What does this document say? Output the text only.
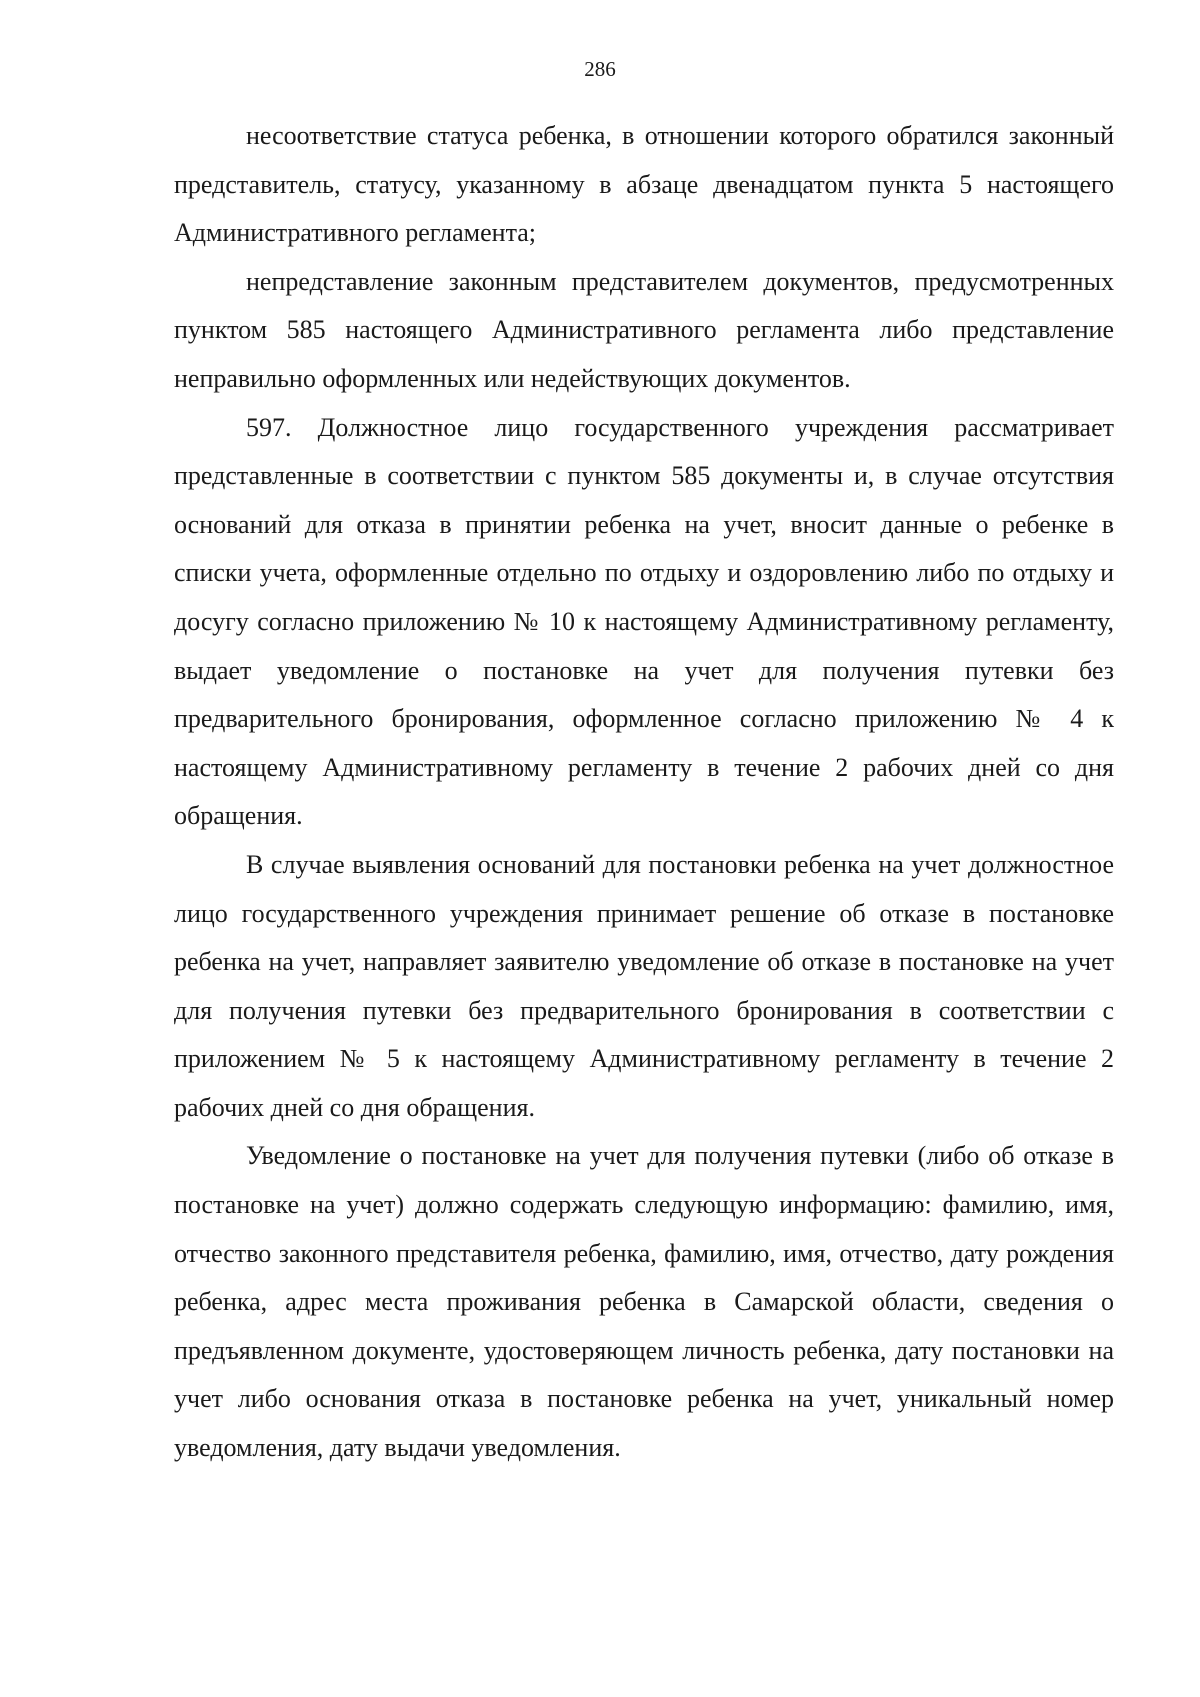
286

несоответствие статуса ребенка, в отношении которого обратился законный представитель, статусу, указанному в абзаце двенадцатом пункта 5 настоящего Административного регламента;

непредставление законным представителем документов, предусмотренных пунктом 585 настоящего Административного регламента либо представление неправильно оформленных или недействующих документов.

597. Должностное лицо государственного учреждения рассматривает представленные в соответствии с пунктом 585 документы и, в случае отсутствия оснований для отказа в принятии ребенка на учет, вносит данные о ребенке в списки учета, оформленные отдельно по отдыху и оздоровлению либо по отдыху и досугу согласно приложению № 10 к настоящему Административному регламенту, выдает уведомление о постановке на учет для получения путевки без предварительного бронирования, оформленное согласно приложению № 4 к настоящему Административному регламенту в течение 2 рабочих дней со дня обращения.

В случае выявления оснований для постановки ребенка на учет должностное лицо государственного учреждения принимает решение об отказе в постановке ребенка на учет, направляет заявителю уведомление об отказе в постановке на учет для получения путевки без предварительного бронирования в соответствии с приложением № 5 к настоящему Административному регламенту в течение 2 рабочих дней со дня обращения.

Уведомление о постановке на учет для получения путевки (либо об отказе в постановке на учет) должно содержать следующую информацию: фамилию, имя, отчество законного представителя ребенка, фамилию, имя, отчество, дату рождения ребенка, адрес места проживания ребенка в Самарской области, сведения о предъявленном документе, удостоверяющем личность ребенка, дату постановки на учет либо основания отказа в постановке ребенка на учет, уникальный номер уведомления, дату выдачи уведомления.
